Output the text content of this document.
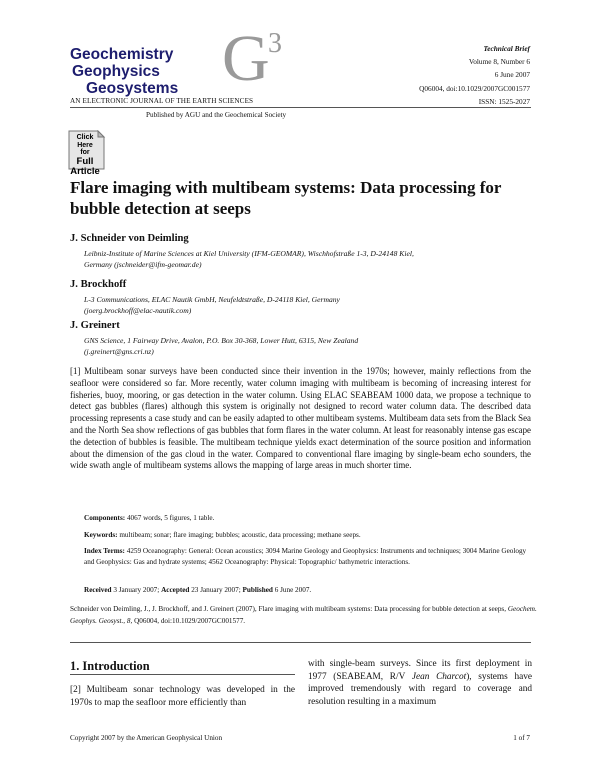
Geochemistry
Geophysics
Geosystems G
3
AN ELECTRONIC JOURNAL OF THE EARTH SCIENCES
Published by AGU and the Geochemical Society
Technical Brief
Volume 8, Number 6
6 June 2007
Q06004, doi:10.1029/2007GC001577
ISSN: 1525-2027
Click
Here
for
Full
Article
Flare imaging with multibeam systems: Data processing for bubble detection at seeps
J. Schneider von Deimling
Leibniz-Institute of Marine Sciences at Kiel University (IFM-GEOMAR), Wischhofstraße 1-3, D-24148 Kiel,
Germany (jschneider@ifm-geomar.de)
J. Brockhoff
L-3 Communications, ELAC Nautik GmbH, Neufeldtstraße, D-24118 Kiel, Germany
(joerg.brockhoff@elac-nautik.com)
J. Greinert
GNS Science, 1 Fairway Drive, Avalon, P.O. Box 30-368, Lower Hutt, 6315, New Zealand
(j.greinert@gns.cri.nz)
[1] Multibeam sonar surveys have been conducted since their invention in the 1970s; however, mainly reflections from the seafloor were considered so far. More recently, water column imaging with multibeam is becoming of increasing interest for fisheries, buoy, mooring, or gas detection in the water column. Using ELAC SEABEAM 1000 data, we propose a technique to detect gas bubbles (flares) although this system is originally not designed to record water column data. The described data processing represents a case study and can be easily adapted to other multibeam systems. Multibeam data sets from the Black Sea and the North Sea show reflections of gas bubbles that form flares in the water column. At least for reasonably intense gas escape the detection of bubbles is feasible. The multibeam technique yields exact determination of the source position and information about the dimension of the gas cloud in the water. Compared to conventional flare imaging by single-beam echo sounders, the wide swath angle of multibeam systems allows the mapping of large areas in much shorter time.
Components: 4067 words, 5 figures, 1 table.
Keywords: multibeam; sonar; flare imaging; bubbles; acoustic, data processing; methane seeps.
Index Terms: 4259 Oceanography: General: Ocean acoustics; 3094 Marine Geology and Geophysics: Instruments and techniques; 3004 Marine Geology and Geophysics: Gas and hydrate systems; 4562 Oceanography: Physical: Topographic/ bathymetric interactions.
Received 3 January 2007; Accepted 23 January 2007; Published 6 June 2007.
Schneider von Deimling, J., J. Brockhoff, and J. Greinert (2007), Flare imaging with multibeam systems: Data processing for bubble detection at seeps, Geochem. Geophys. Geosyst., 8, Q06004, doi:10.1029/2007GC001577.
1. Introduction
[2] Multibeam sonar technology was developed in the 1970s to map the seafloor more efficiently than
with single-beam surveys. Since its first deployment in 1977 (SEABEAM, R/V Jean Charcot), systems have improved tremendously with regard to coverage and resolution resulting in a maximum
Copyright 2007 by the American Geophysical Union	1 of 7
